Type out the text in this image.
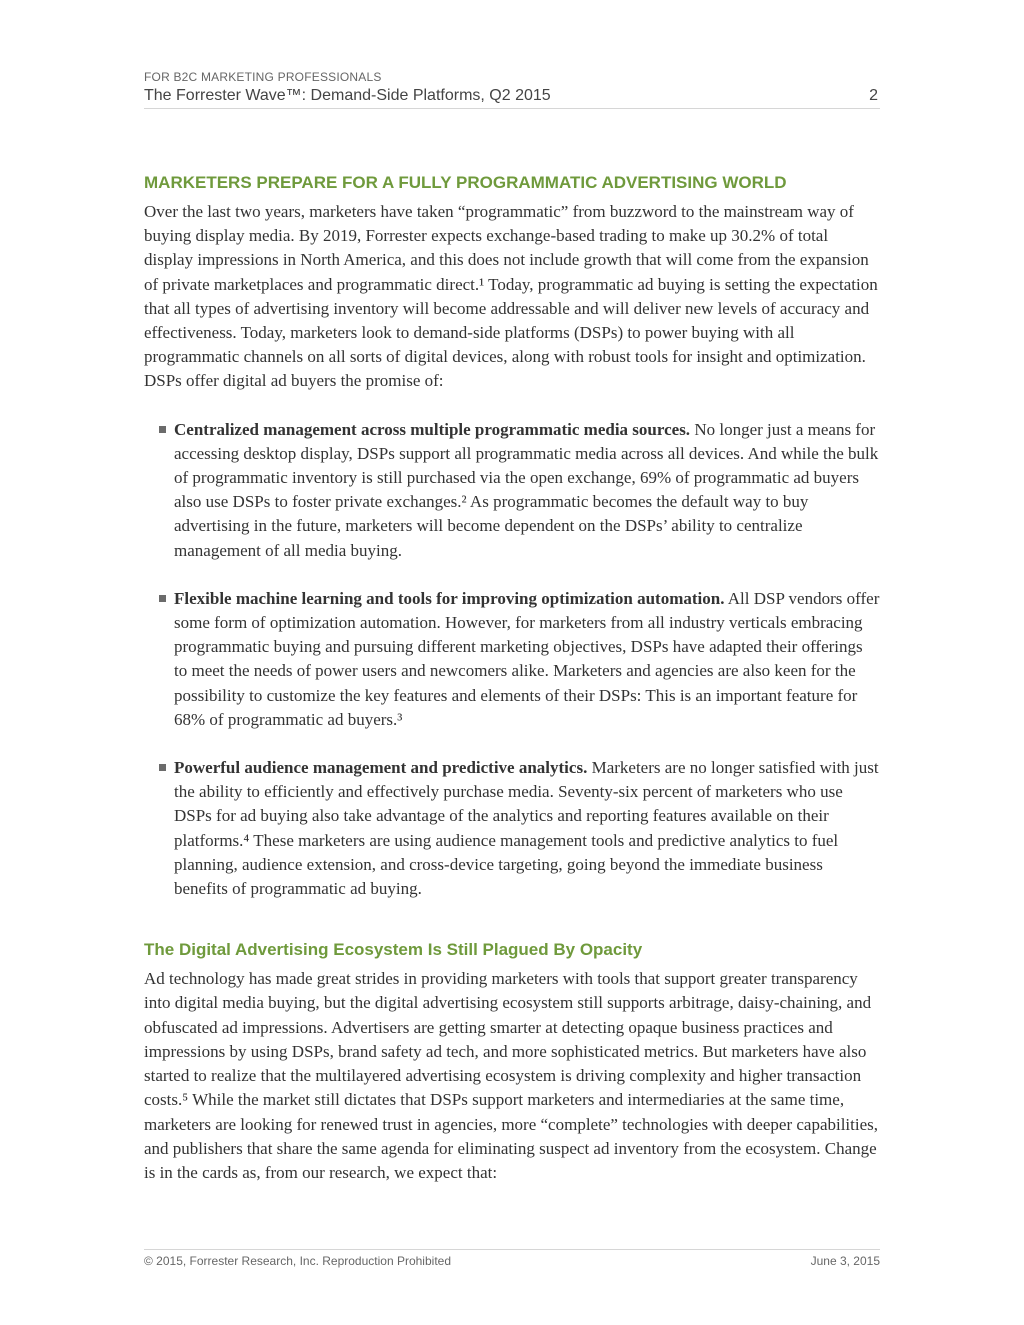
FOR B2C MARKETING PROFESSIONALS
The Forrester Wave™: Demand-Side Platforms, Q2 2015	2
MARKETERS PREPARE FOR A FULLY PROGRAMMATIC ADVERTISING WORLD

Over the last two years, marketers have taken “programmatic” from buzzword to the mainstream way of buying display media. By 2019, Forrester expects exchange-based trading to make up 30.2% of total display impressions in North America, and this does not include growth that will come from the expansion of private marketplaces and programmatic direct.¹ Today, programmatic ad buying is setting the expectation that all types of advertising inventory will become addressable and will deliver new levels of accuracy and effectiveness. Today, marketers look to demand-side platforms (DSPs) to power buying with all programmatic channels on all sorts of digital devices, along with robust tools for insight and optimization. DSPs offer digital ad buyers the promise of:

Centralized management across multiple programmatic media sources. No longer just a means for accessing desktop display, DSPs support all programmatic media across all devices. And while the bulk of programmatic inventory is still purchased via the open exchange, 69% of programmatic ad buyers also use DSPs to foster private exchanges.² As programmatic becomes the default way to buy advertising in the future, marketers will become dependent on the DSPs’ ability to centralize management of all media buying.
Flexible machine learning and tools for improving optimization automation. All DSP vendors offer some form of optimization automation. However, for marketers from all industry verticals embracing programmatic buying and pursuing different marketing objectives, DSPs have adapted their offerings to meet the needs of power users and newcomers alike. Marketers and agencies are also keen for the possibility to customize the key features and elements of their DSPs: This is an important feature for 68% of programmatic ad buyers.³
Powerful audience management and predictive analytics. Marketers are no longer satisfied with just the ability to efficiently and effectively purchase media. Seventy-six percent of marketers who use DSPs for ad buying also take advantage of the analytics and reporting features available on their platforms.⁴ These marketers are using audience management tools and predictive analytics to fuel planning, audience extension, and cross-device targeting, going beyond the immediate business benefits of programmatic ad buying.
The Digital Advertising Ecosystem Is Still Plagued By Opacity

Ad technology has made great strides in providing marketers with tools that support greater transparency into digital media buying, but the digital advertising ecosystem still supports arbitrage, daisy-chaining, and obfuscated ad impressions. Advertisers are getting smarter at detecting opaque business practices and impressions by using DSPs, brand safety ad tech, and more sophisticated metrics. But marketers have also started to realize that the multilayered advertising ecosystem is driving complexity and higher transaction costs.⁵ While the market still dictates that DSPs support marketers and intermediaries at the same time, marketers are looking for renewed trust in agencies, more “complete” technologies with deeper capabilities, and publishers that share the same agenda for eliminating suspect ad inventory from the ecosystem. Change is in the cards as, from our research, we expect that:

© 2015, Forrester Research, Inc. Reproduction Prohibited	June 3, 2015
